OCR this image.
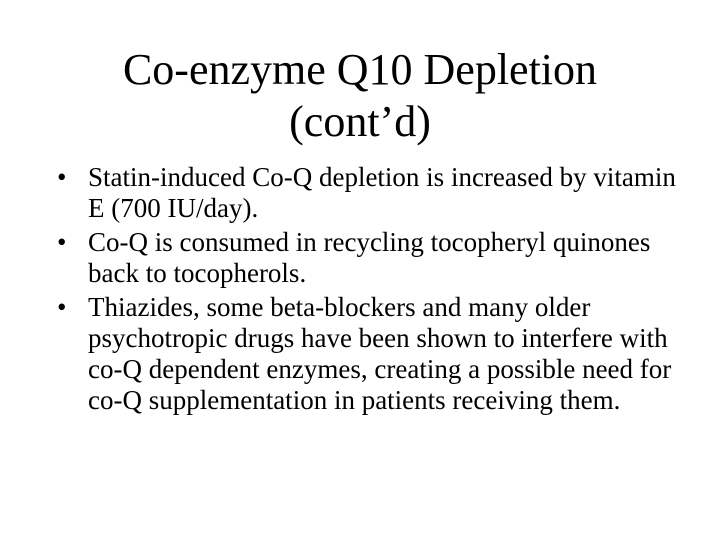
Co-enzyme Q10 Depletion
(cont’d)
• Statin-induced Co-Q depletion is increased by vitamin E (700 IU/day).
• Co-Q is consumed in recycling tocopheryl quinones back to tocopherols.
• Thiazides, some beta-blockers and many older psychotropic drugs have been shown to interfere with co-Q dependent enzymes, creating a possible need for co-Q supplementation in patients receiving them.
